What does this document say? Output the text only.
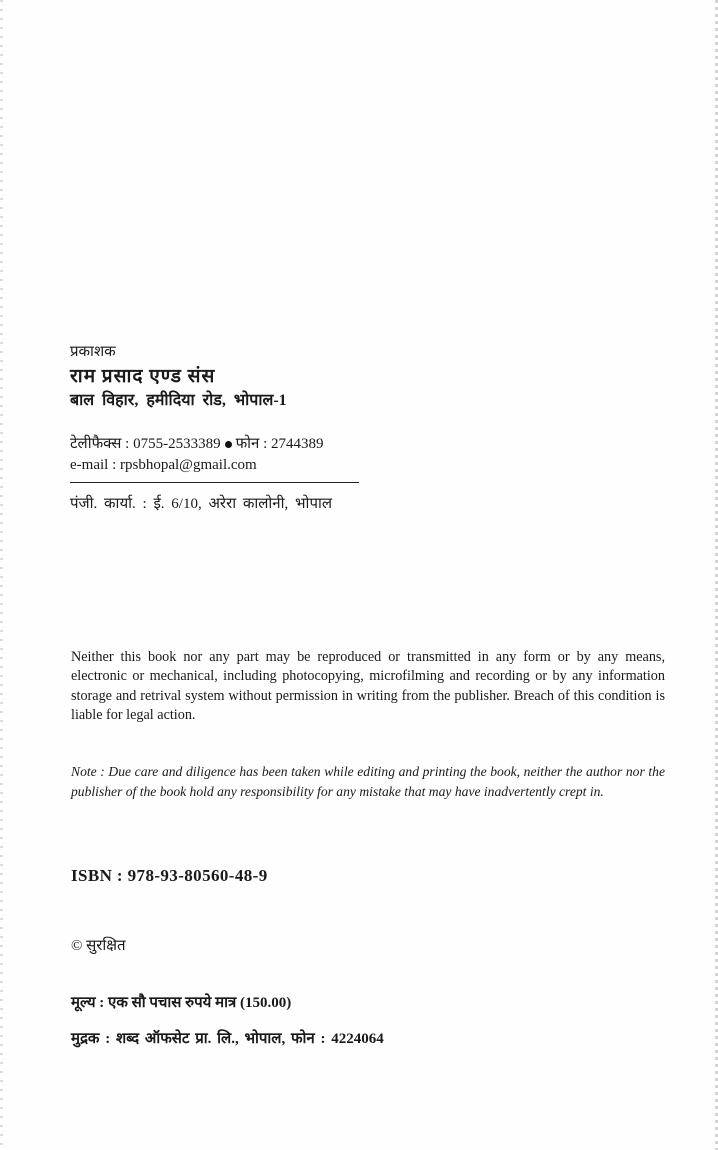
प्रकाशक
राम प्रसाद एण्ड संस
बाल विहार, हमीदिया रोड, भोपाल-1
टेलीफैक्स : 0755-2533389 फोन : 2744389
e-mail : rpsbhopal@gmail.com
पंजी. कार्या. : ई. 6/10, अरेरा कालोनी, भोपाल
Neither this book nor any part may be reproduced or transmitted in any form or by any means, electronic or mechanical, including photocopying, microfilming and recording or by any information storage and retrival system without permission in writing from the publisher. Breach of this condition is liable for legal action.
Note : Due care and diligence has been taken while editing and printing the book, neither the author nor the publisher of the book hold any responsibility for any mistake that may have inadvertently crept in.
ISBN : 978-93-80560-48-9
© सुरक्षित
मूल्य : एक सौ पचास रुपये मात्र (150.00)
मुद्रक : शब्द ऑफसेट प्रा. लि., भोपाल, फोन : 4224064
